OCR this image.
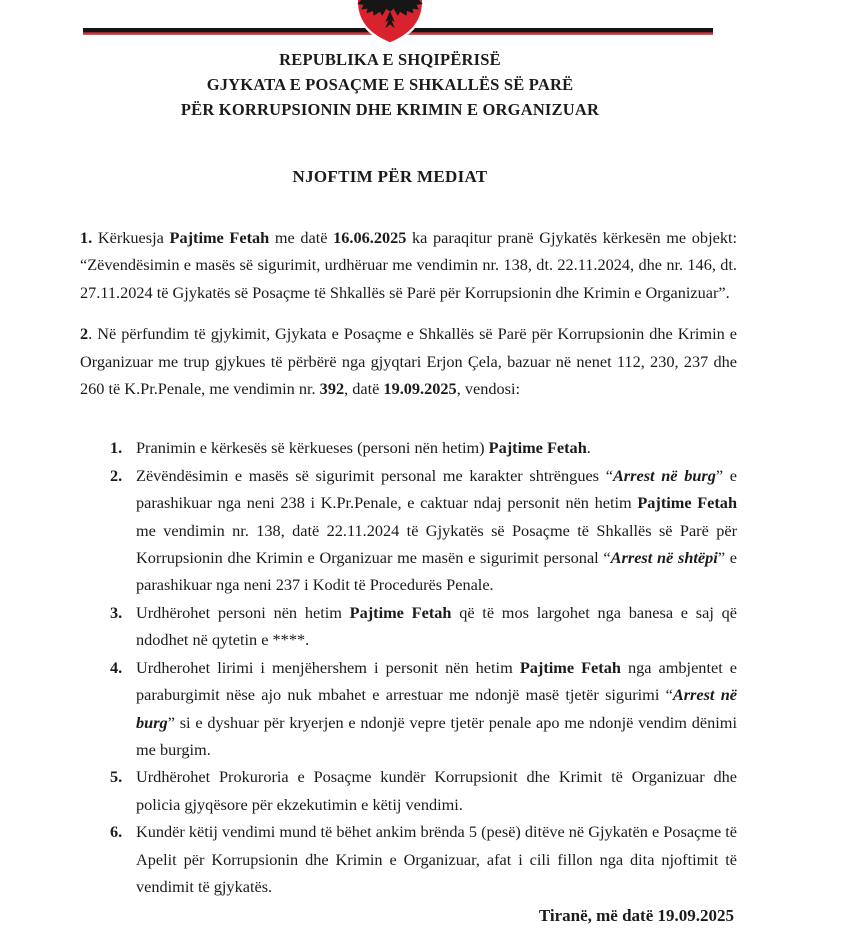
REPUBLIKA E SHQIPËRISË
GJYKATA E POSAÇME E SHKALLËS SË PARË
PËR KORRUPSIONIN DHE KRIMIN E ORGANIZUAR
NJOFTIM PËR MEDIAT

1. Kërkuesja Pajtime Fetah me datë 16.06.2025 ka paraqitur pranë Gjykatës kërkesën me objekt: “Zëvendësimin e masës së sigurimit, urdhëruar me vendimin nr. 138, dt. 22.11.2024, dhe nr. 146, dt. 27.11.2024 të Gjykatës së Posaçme të Shkallës së Parë për Korrupsionin dhe Krimin e Organizuar”.

2. Në përfundim të gjykimit, Gjykata e Posaçme e Shkallës së Parë për Korrupsionin dhe Krimin e Organizuar me trup gjykues të përbërë nga gjyqtari Erjon Çela, bazuar në nenet 112, 230, 237 dhe 260 të K.Pr.Penale, me vendimin nr. 392, datë 19.09.2025, vendosi:

1. Pranimin e kërkesës së kërkueses (personi nën hetim) Pajtime Fetah.
2. Zëvëndësimin e masës së sigurimit personal me karakter shtrëngues “Arrest në burg” e parashikuar nga neni 238 i K.Pr.Penale, e caktuar ndaj personit nën hetim Pajtime Fetah me vendimin nr. 138, datë 22.11.2024 të Gjykatës së Posaçme të Shkallës së Parë për Korrupsionin dhe Krimin e Organizuar me masën e sigurimit personal “Arrest në shtëpi” e parashikuar nga neni 237 i Kodit të Procedurës Penale.
3. Urdhërohet personi nën hetim Pajtime Fetah që të mos largohet nga banesa e saj që ndodhet në qytetin e ****.
4. Urdherohet lirimi i menjëhershem i personit nën hetim Pajtime Fetah nga ambjentet e paraburgimit nëse ajo nuk mbahet e arrestuar me ndonjë masë tjetër sigurimi “Arrest në burg” si e dyshuar për kryerjen e ndonjë vepre tjetër penale apo me ndonjë vendim dënimi me burgim.
5. Urdhërohet Prokuroria e Posaçme kundër Korrupsionit dhe Krimit të Organizuar dhe policia gjyqësore për ekzekutimin e këtij vendimi.
6. Kundër këtij vendimi mund të bëhet ankim brënda 5 (pesë) ditëve në Gjykatën e Posaçme të Apelit për Korrupsionin dhe Krimin e Organizuar, afat i cili fillon nga dita njoftimit të vendimit të gjykatës.
Tiranë, më datë 19.09.2025
